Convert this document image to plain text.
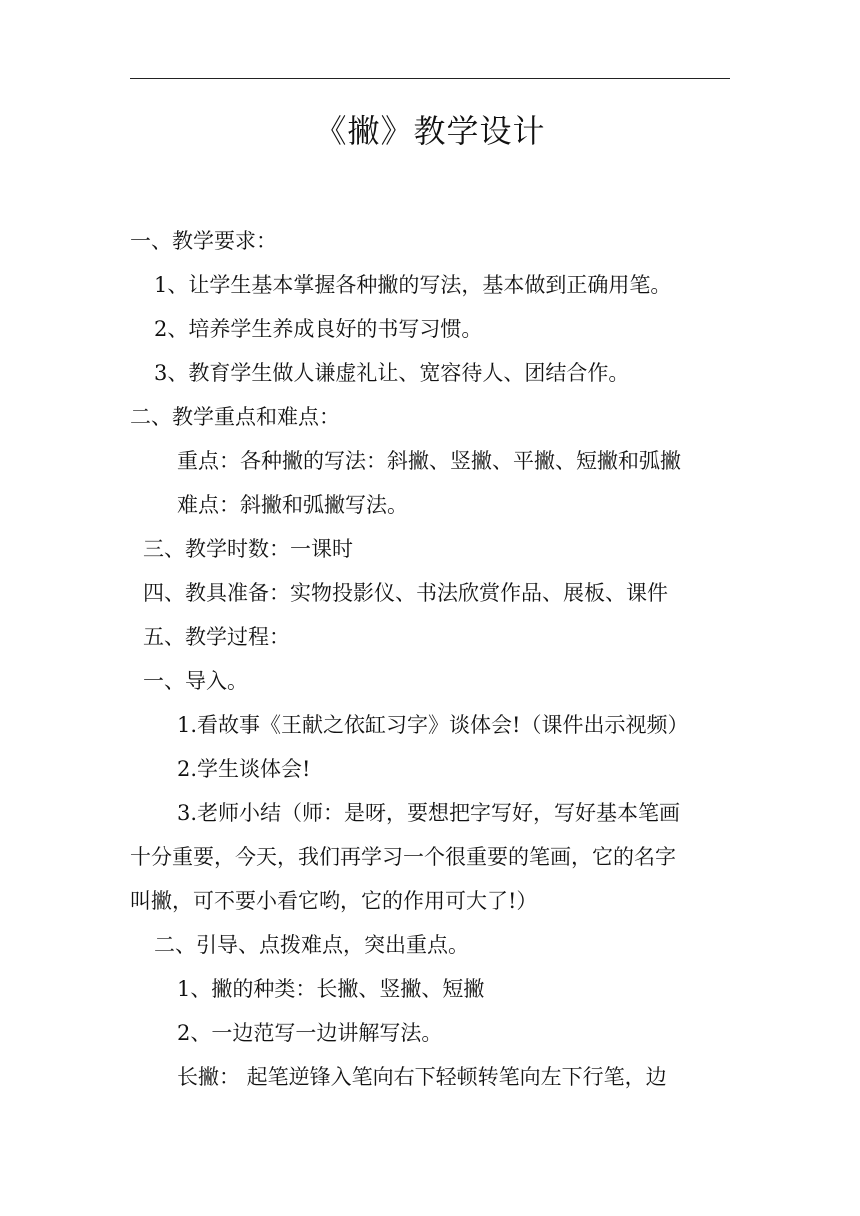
《撇》教学设计
一、教学要求：
1、让学生基本掌握各种撇的写法，基本做到正确用笔。
2、培养学生养成良好的书写习惯。
3、教育学生做人谦虚礼让、宽容待人、团结合作。
二、教学重点和难点：
重点：各种撇的写法：斜撇、竖撇、平撇、短撇和弧撇
难点：斜撇和弧撇写法。
三、教学时数：一课时
四、教具准备：实物投影仪、书法欣赏作品、展板、课件
五、教学过程：
一、导入。
1.看故事《王献之依缸习字》谈体会!（课件出示视频）
2.学生谈体会!
3.老师小结（师：是呀，要想把字写好，写好基本笔画
十分重要，今天，我们再学习一个很重要的笔画，它的名字
叫撇，可不要小看它哟，它的作用可大了!）
二、引导、点拨难点，突出重点。
1、撇的种类：长撇、竖撇、短撇
2、一边范写一边讲解写法。
长撇： 起笔逆锋入笔向右下轻顿转笔向左下行笔，边
